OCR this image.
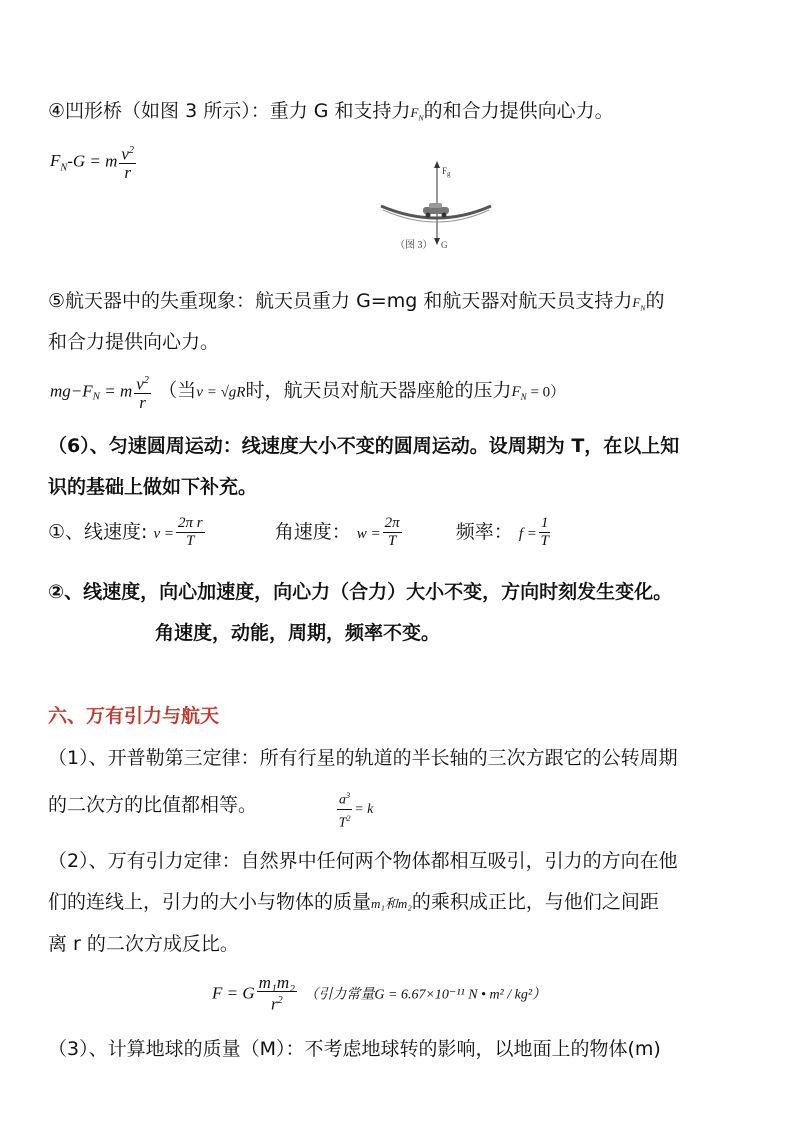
④凹形桥（如图 3 所示）：重力 G 和支持力$F_N$的和合力提供向心力。
$F_N-G = m \frac{v^2}{r}$	$F_g$
（图 3） G
⑤航天器中的失重现象：航天员重力 G=mg 和航天器对航天员支持力$F_N$的
和合力提供向心力。
mg−FN = m $\frac{v^2}{r}$ （当v = √gR时，航天员对航天器座舱的压力$F_N = 0$）
（6）、匀速圆周运动：线速度大小不变的圆周运动。设周期为 T，在以上知
识的基础上做如下补充。
①、线速度: $v = \frac{\text{2π r}}{T}$	角速度： $w = \frac{2\pi}{T}$	频率： $f = \frac{1}{T}$
②、线速度，向心加速度，向心力（合力）大小不变，方向时刻发生变化。
角速度，动能，周期，频率不变。
六、万有引力与航天
（1）、开普勒第三定律：所有行星的轨道的半长轴的三次方跟它的公转周期
的二次方的比值都相等。	$\frac{a^3}{T^2} = k$
（2）、万有引力定律：自然界中任何两个物体都相互吸引，引力的方向在他
们的连线上，引力的大小与物体的质量m₁和m₂的乘积成正比，与他们之间距
离 r 的二次方成反比。
F = G $\frac{\text{m₁m₂}}{r^2}$ （引力常量G = 6.67×10⁻¹¹ N • m² / kg²）
（3）、计算地球的质量（M）：不考虑地球转的影响，以地面上的物体(m)
